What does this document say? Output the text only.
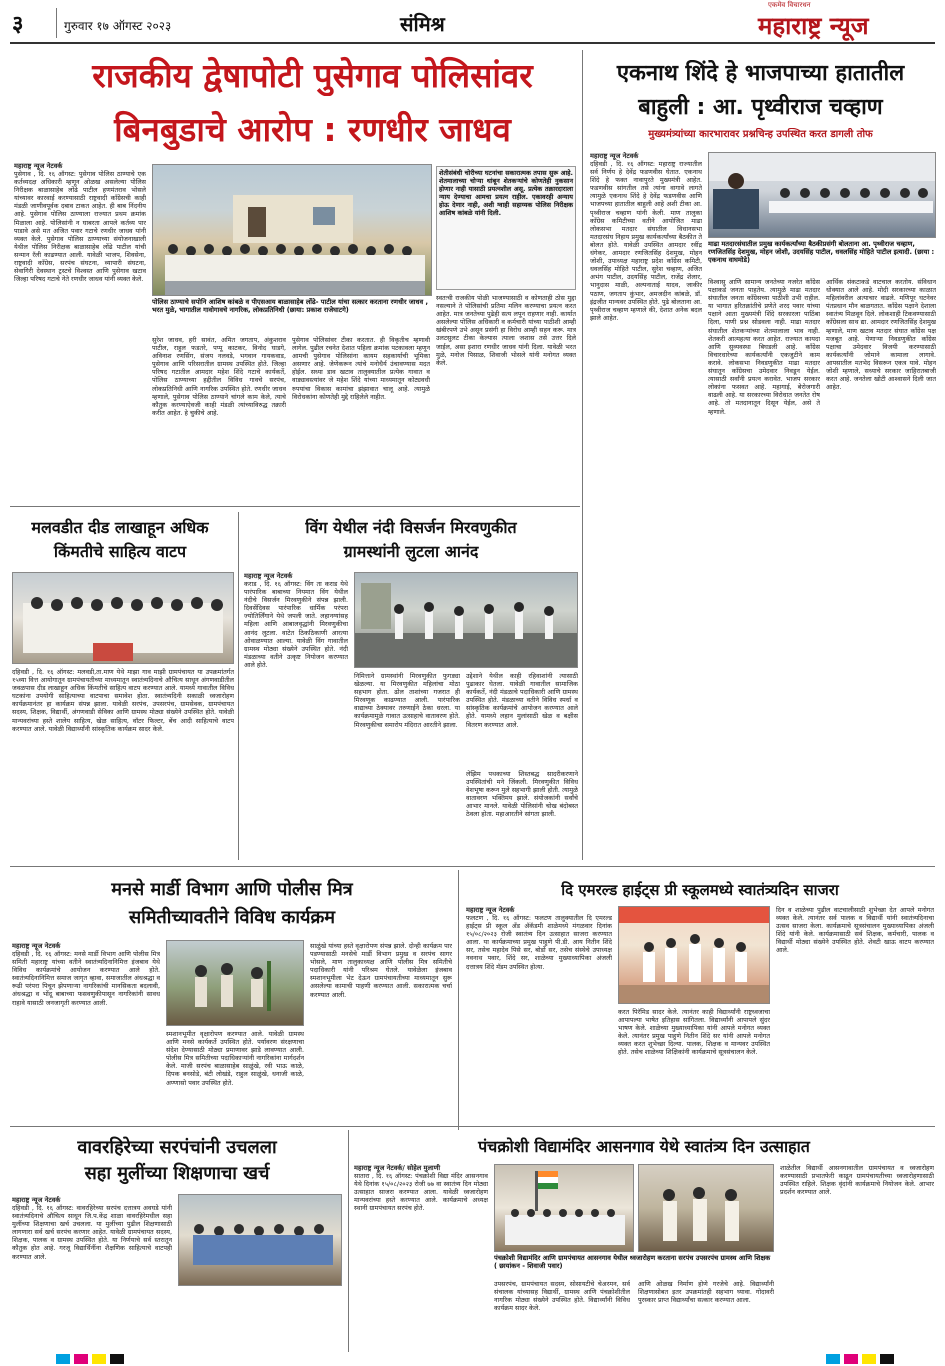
३	गुरुवार १७ ऑगस्ट २०२३	संमिश्र
एकमेव विचारधन
महाराष्ट्र न्यूज
राजकीय द्वेषापोटी पुसेगाव पोलिसांवर
बिनबुडाचे आरोप : रणधीर जाधव
महाराष्ट्र न्यूज नेटवर्क
पुसेगाव , दि. १६ ऑगस्ट: पुसेगाव पोलिस ठाण्याचे एक कर्तव्यदक्ष अधिकारी म्हणून ओळख असलेल्या पोलिस निरीक्षक बाळासाहेब लोंढे पाटील हणमंतराव भोसले यांच्यावर कारवाई करण्यासाठी राष्ट्रवादी काँग्रेसची काही मंडळी जाणीवपूर्वक दबाव टाकत आहेत. ही बाब निंदनीय आहे. पुसेगाव पोलिस ठाण्याला राज्यात प्रथम क्रमांक मिळाला आहे. पोलिसांनी न घाबरता आपले कर्तव्य पार पाडावे असे मत अजित पवार गटाचे रणधीर जाधव यांनी व्यक्त केले. पुसेगाव पोलिस ठाण्याच्या संयोजनाखाली येथील पोलिस निरीक्षक बाळासाहेब लोंढे पाटील यांची सन्मान रॅली काढण्यात आली. यावेळी भाजप, शिवसेना, राष्ट्रवादी काँग्रेस, सरपंच संघटना, व्यापारी संघटना, सेवागिरी देवस्थान ट्रस्टचे विश्वस्त आणि पुसेगाव खटाव जिल्हा परिषद गटाचे नेते रणधीर जाधव यांनी व्यक्त केले.
शेतीसंबंधी चोरीच्या घटनांचा सकारात्मक तपास सुरू आहे. शेतमालाच्या चोऱ्या थांबून शेतकऱ्यांचे कोणतेही नुकसान होणार नाही यासाठी प्रयत्नशील असू. प्रत्येक तक्रारदाराला न्याय देण्याचा आमचा प्रयत्न राहील. एकावरही अन्याय होऊ देणार नाही, अशी ग्वाही सहाय्यक पोलिस निरीक्षक आशिष कांबळे यांनी दिली.
पोलिस ठाण्याचे सपोनि आशिष कांबळे व पीएसआय बाळासाहेब लोंढे- पाटील यांचा सत्कार करताना रणधीर जाधव , भरत मुळे, भागातील गावोगावचे नागरिक, लोकप्रतिनिधी (छाया: प्रकाश राजेघाटगे)
सुरेश जाधव, हरी सावंत, अमित जगताप, अंकुशराव पाटील, राहुल फडतरे, पप्पू काटकर, विनोद घाडगे, अविनाश रणसिंग, संजय नलवडे, भगवान गायकवाड, पुसेगाव आणि परिसरातील ग्रामस्थ उपस्थित होते. जिल्हा परिषद गटातील आमदार महेश शिंदे गटाचे कार्यकर्ते, पोलिस ठाण्याच्या हद्दीतील विविध गावचे सरपंच, लोकप्रतिनिधी आणि नागरिक उपस्थित होते. रणधीर जाधव म्हणाले, पुसेगाव पोलिस ठाण्याने चांगले काम केले, त्याचे कौतुक करण्याऐवजी काही मंडळी त्यांच्याविरुद्ध तक्रारी करीत आहेत. हे चुकीचे आहे.
पुसेगाव पोलिसांवर टीका करतात. ही विकृतीच म्हणावी लागेल. पुढील रचनेत देशात पहिला क्रमांक पटकावला म्हणून आमची पुसेगाव पोलिसांना कायम सहकार्याची भूमिका असणार आहे. जेणेकरून त्यांचे मनोधैर्य उंचावण्यास मदत होईल. सध्या डाव खटाव तालुक्यातील प्रत्येक गावात व वाड्यावस्त्यांवर जे महेश शिंदे यांच्या माध्यमातून कोट्यवधी रुपयांचा विकास कामांचा झंझावात चालू आहे. त्यामुळे विरोधकांना कोणतेही मुद्दे राहिलेले नाहीत.
स्वतःची राजकीय पोळी भाजण्यासाठी व कोणताही ठोस मुद्दा नसल्याने ते पोलिसांची प्रतिमा मलिन करण्याचा प्रयत्न करत आहेत. मात्र जनतेच्या पुढेही सत्य लपून राहणार नाही. कार्यात असलेल्या पोलिस अधिकारी व कर्मचारी यांच्या पाठीशी आम्ही खंबीरपणे उभे असून प्रसंगी हा विरोध आम्ही सहन करू. मात्र उलटसुलट टीका केल्यास त्याला जशास तसे उत्तर दिले जाईल, असा इशारा रणधीर जाधव यांनी दिला. यावेळी भरत मुळे, मनोज पिसाळ, शिवाजी भोसले यांनी मनोगत व्यक्त केले.
एकनाथ शिंदे हे भाजपाच्या हातातील
बाहुली : आ. पृथ्वीराज चव्हाण
मुख्यमंत्र्यांच्या कारभारावर प्रश्नचिन्ह उपस्थित करत डागली तोफ
महाराष्ट्र न्यूज नेटवर्क
दहिवडी , दि. १६ ऑगस्ट: महाराष्ट्र राज्यातील सर्व निर्णय हे देवेंद्र फडणवीस घेतात. एकनाथ शिंदे हे फक्त नावापुरते मुख्यमंत्री आहेत. फडणवीस सांगतील तसे त्यांना वागावे लागते त्यामुळे एकनाथ शिंदे हे देवेंद्र फडणवीस आणि भाजपच्या हातातील बाहुली आहे अशी टीका आ. पृथ्वीराज चव्हाण यांनी केली. माण तालुका काँग्रेस कमिटीच्या वतीने आयोजित माढा लोकसभा मतदार संघातील विधानसभा मतदारसंघ निहाय प्रमुख कार्यकर्त्यांच्या बैठकीत ते बोलत होते. यावेळी उपस्थित आमदार रवींद्र धंगेकर, आमदार रणजितसिंह देशमुख, मोहन जोशी, उपाध्यक्ष महाराष्ट्र प्रदेश काँग्रेस कमिटी, धवलसिंह मोहिते पाटील, सुरेश चव्हाण, अजित अभंग पाटील, उदयसिंह पाटील, राजेंद्र शेलार, भानुदास माळी, अल्पनाताई यादव, जाकीर पठाण, जगताप कुंभार, अमजदीन कांबळे, डॉ. इंद्रजीत मान्यवर उपस्थित होते. पुढे बोलताना आ. पृथ्वीराज चव्हाण म्हणाले की, देशात अनेक बदल झाले आहेत.
माढा मतदारसंघातील प्रमुख कार्यकर्त्यांच्या बैठकीप्रसंगी बोलताना आ. पृथ्वीराज चव्हाण, रणजितसिंह देशमुख, मोहन जोशी, उदयसिंह पाटील, धवलसिंह मोहिते पाटील इत्यादी. (छाया : एकनाथ वाघमोडे)
विश्वासु आणि सामान्य जनतेच्या नजरेत काँग्रेस पक्षाकडे जनता पाहतेय. त्यामुळे माढा मतदार संघातील जनता काँग्रेसच्या पाठीशी उभी राहील. या भागात हरितक्रांतीचे प्रणेते शरद पवार यांच्या पक्षाने आता मुख्यमंत्री शिंदे सरकारला पाठिंबा दिला, पाणी प्रश्न सोडवला नाही. माढा मतदार संघातील शेतकऱ्यांच्या शेतमालाला भाव नाही. शेतकरी आत्महत्या करत आहेत. राज्यात कायदा आणि सुव्यवस्था बिघडली आहे. काँग्रेस विचारधारेच्या कार्यकर्त्यांनी एकजुटीने काम करावे. लोकसभा निवडणुकीत माढा मतदार संघातून काँग्रेसचा उमेदवार निवडून येईल. त्यासाठी सर्वांनी प्रयत्न करावेत. भाजप सरकार लोकांना फसवत आहे. महागाई, बेरोजगारी वाढली आहे. या सरकारच्या विरोधात जनतेत रोष आहे. तो मतदानातून दिसून येईल, असे ते म्हणाले.
आर्थिक संकटाकडे वाटचाल करतोय. संविधान धोक्यात आले आहे. मोदी सरकारच्या काळात महिलांवरील अत्याचार वाढले. मणिपूर घटनेवर पंतप्रधान मौन बाळगतात. काँग्रेस पक्षाने देशाला स्वातंत्र्य मिळवून दिले. लोकशाही टिकवण्यासाठी काँग्रेसला साथ द्या. आमदार रणजितसिंह देशमुख म्हणाले, माण खटाव मतदार संघात काँग्रेस पक्ष मजबूत आहे. येणाऱ्या निवडणुकीत काँग्रेस पक्षाचा उमेदवार विजयी करण्यासाठी कार्यकर्त्यांनी जोमाने कामाला लागावे. आपसातील मतभेद विसरून एकत्र यावे. मोहन जोशी म्हणाले, सध्याचे सरकार जाहिरातबाजी करत आहे. जनतेला खोटी आश्वासने दिली जात आहेत.
मलवडीत दीड लाखाहून अधिक
किंमतीचे साहित्य वाटप
दहिवडी , दि. १६ ऑगस्ट: मलवडी,ता.माण येथे माझा गाव माझी ग्रामपंचायत या उपक्रमांतर्गत १५व्या वित्त आयोगातून ग्रामपंचायतीच्या माध्यमातून स्वातंत्र्यदिनाचे औचित्य साधून अंगणवाडीतील जवळपास दीड लाखाहून अधिक किंमतीचे साहित्य वाटप करण्यात आले. यामध्ये गावातील विविध घटकांना उपयोगी साहित्याच्या वाटपाचा समावेश होता. स्वातंत्र्यदिनी सकाळी ध्वजारोहण कार्यक्रमानंतर हा कार्यक्रम संपन्न झाला. यावेळी सरपंच, उपसरपंच, ग्रामसेवक, ग्रामपंचायत सदस्य, शिक्षक, विद्यार्थी, अंगणवाडी सेविका आणि ग्रामस्थ मोठ्या संख्येने उपस्थित होते. यावेळी मान्यवरांच्या हस्ते शालेय साहित्य, खेळ साहित्य, वॉटर फिल्टर, बेंच आदी साहित्याचे वाटप करण्यात आले. यावेळी विद्यार्थ्यांनी सांस्कृतिक कार्यक्रम सादर केले.
विंग येथील नंदी विसर्जन मिरवणुकीत
ग्रामस्थांनी लुटला आनंद
महाराष्ट्र न्यूज नेटवर्क
कराड , दि. १६ ऑगस्ट: विंग ता कराड येथे पारंपारिक बाबाच्या नियमात विंग येथील नंदीचे विसर्जन मिरवणुकीने संपन्न झाली. दिवसेंदिवस पारंपारिक धार्मिक परंपरा ज्योतिर्लिंगाने येथे जपली जाते. लहानग्यांसह महिला आणि आबालवृद्धांनी मिरवणुकीचा आनंद लुटला. वाटेत ठिकठिकाणी आरत्या ओवाळण्यात आल्या. यावेळी विंग गावातील ग्रामस्थ मोठ्या संख्येने उपस्थित होते. नंदी मंडळाच्या वतीने उत्कृष्ट नियोजन करण्यात आले होते.
निमित्ताने ग्रामस्थांनी मिरवणुकीत फुगड्या खेळल्या. या मिरवणुकीत महिलांचा मोठा सहभाग होता. ढोल ताशांच्या गजरात ही मिरवणूक काढण्यात आली. पारंपारिक वाद्याच्या ठेक्यावर तरुणाईने ठेका धरला. या कार्यक्रमामुळे गावात उत्साहाचे वातावरण होते. मिरवणुकीचा समारोप मंदिरात आरतीने झाला.
उद्देशाने येथील काही रहिवाशांनी त्यासाठी पुढाकार घेतला. यावेळी गावातील सामाजिक कार्यकर्ते, नंदी मंडळाचे पदाधिकारी आणि ग्रामस्थ उपस्थित होते. मंडळाच्या वतीने विविध स्पर्धा व सांस्कृतिक कार्यक्रमांचे आयोजन करण्यात आले होते. यामध्ये लहान मुलांसाठी खेळ व बक्षीस वितरण करण्यात आले.
लेझिम पथकाच्या शिस्तबद्ध सादरीकरणाने उपस्थितांची मने जिंकली. मिरवणुकीत विविध वेशभूषा करून मुले सहभागी झाली होती. त्यामुळे वातावरण भक्तिमय झाले. संयोजकांनी सर्वांचे आभार मानले. यावेळी पोलिसांनी चोख बंदोबस्त ठेवला होता. महाआरतीने सांगता झाली.
मनसे मार्डी विभाग आणि पोलीस मित्र
समितीच्यावतीने विविध कार्यक्रम
महाराष्ट्र न्यूज नेटवर्क
दहिवडी , दि. १६ ऑगस्ट: मनसे मार्डी विभाग आणि पोलीस मित्र समिती महाराष्ट्र यांच्या वतीने स्वातंत्र्यदिनानिमित्त इंजबाव येथे विविध कार्यक्रमांचे आयोजन करण्यात आले होते. स्वातंत्र्यदिनानिमित्त समाज जागृत व्हावा, समाजातील अंधश्रद्धा व रूढी परंपरा पिचून झेपणाऱ्या नागरिकांची मानसिकता बदलावी, अंधश्रद्धा व भोंदू बाबाच्या फसवणुकीपासून नागरिकांनी सावध राहावे यासाठी जनजागृती करण्यात आली.
स्मशानभूमीत वृक्षारोपण करण्यात आले. यावेळी ग्रामस्थ आणि मनसे कार्यकर्ते उपस्थित होते. पर्यावरण संरक्षणाचा संदेश देण्यासाठी मोठ्या प्रमाणावर झाडे लावण्यात आली. पोलीस मित्र समितीच्या पदाधिकाऱ्यांनी नागरिकांना मार्गदर्शन केले. माजी सरपंच बाळासाहेब साळुंखे, रवी भाऊ काळे, दिपक बनसोडे, बंटी लोखंडे, राहुल साळुंखे, धनाजी काळे, अण्णासो पवार उपस्थित होते.
साळुंखे यांच्या हस्ते वृक्षारोपण संपन्न झाले. दोन्ही कार्यक्रम पार पडण्यासाठी मनसेचे मार्डी विभाग प्रमुख व सरपंच सागर भोसले, माण तालुकाध्यक्ष आणि पोलीस मित्र समितीचे पदाधिकारी यांनी परिश्रम घेतले. यावेळेला इंजबाव स्मशानभूमीला भेट देऊन ग्रामपंचायतीच्या माध्यमातून सुरू असलेल्या कामाची पाहणी करण्यात आली. सकारात्मक चर्चा करण्यात आली.
दि एमरल्ड हाईट्स प्री स्कूलमध्ये स्वातंत्र्यदिन साजरा
महाराष्ट्र न्यूज नेटवर्क
फलटण , दि. १६ ऑगस्ट: फलटण तालुक्यातील दि एमरल्ड हाईट्स प्री स्कूल अँड ॲकॅडमी शाळेमध्ये मंगळवार दिनांक १५/०८/२०२३ रोजी स्वातंत्र्य दिन उत्साहात साजरा करण्यात आला. या कार्यक्रमाच्या प्रमुख पाहुणे पी.डी. आय नितीन शिंदे सर, तसेच महादेव पिसे सर, बोर्डो सर, तसेच संस्थेचे उपाध्यक्ष नवनाथ पवार, शिंदे सर, शाळेच्या मुख्याध्यापिका अंजली दत्तात्रय शिंदे मॅडम उपस्थित होत्या.
करत पिरॅमिड सादर केले. त्यानंतर काही विद्यार्थ्यांनी राष्ट्रध्वजाचा आपापल्या भाषेत इतिहास सांगितला. विद्यार्थ्यांनी आपापले सुंदर भाषण केले. शाळेच्या मुख्याध्यापिका यांनी आपले मनोगत व्यक्त केले. त्यानंतर प्रमुख पाहुणे नितीन शिंदे सर यांनी आपले मनोगत व्यक्त करत शुभेच्छा दिल्या. पालक, शिक्षक व मान्यवर उपस्थित होते. तसेच शाळेच्या शिक्षिकांनी कार्यक्रमाचे सूत्रसंचालन केले.
दिन व शाळेच्या पुढील वाटचालीसाठी शुभेच्छा देत आपले मनोगत व्यक्त केले. त्यानंतर सर्व पालक व विद्यार्थी यांनी स्वातंत्र्यदिनाचा उत्सव साजरा केला. कार्यक्रमाचे सूत्रसंचालन मुख्याध्यापिका अंजली शिंदे यांनी केले. कार्यक्रमासाठी सर्व शिक्षक, कर्मचारी, पालक व विद्यार्थी मोठ्या संख्येने उपस्थित होते. शेवटी खाऊ वाटप करण्यात आले.
वावरहिरेच्या सरपंचांनी उचलला
सहा मुलींच्या शिक्षणाचा खर्च
महाराष्ट्र न्यूज नेटवर्क
दहिवडी , दि. १६ ऑगस्ट: वावरहिरेच्या सरपंच दत्तात्रय अवघडे यांनी स्वातंत्र्यदिनाचे औचित्य साधून जि.प.केंद्र शाळा वावरहिरेमधील सहा मुलींच्या शिक्षणाचा खर्च उचलला. या मुलींच्या पुढील शिक्षणासाठी लागणारा सर्व खर्च सरपंच करणार आहेत. यावेळी ग्रामपंचायत सदस्य, शिक्षक, पालक व ग्रामस्थ उपस्थित होते. या निर्णयाचे सर्व स्तरातून कौतुक होत आहे. गरजू विद्यार्थिनींना शैक्षणिक साहित्याचे वाटपही करण्यात आले.
पंचक्रोशी विद्यामंदिर आसनगाव येथे स्वातंत्र्य दिन उत्साहात
महाराष्ट्र न्यूज नेटवर्क/ सोहेल मुलाणी
सातारा , दि. १६ ऑगस्ट: पंचक्रोशी विद्या मंदिर आसनगाव येथे दिनांक १५/०८/२०२३ रोजी ७७ वा स्वातंत्र्य दिन मोठ्या उत्साहात साजरा करण्यात आला. यावेळी ध्वजारोहण मान्यवरांच्या हस्ते करण्यात आले. कार्यक्रमाचे अध्यक्ष स्थानी ग्रामपंचायत सरपंच होते.
पंचक्रोशी विद्यामंदिर आणि ग्रामपंचायत आसनगाव येथील ध्वजारोहण करताना सरपंच उपसरपंच ग्रामस्थ आणि शिक्षक ( छायांकन - शिवाजी पवार)
उपसरपंच, ग्रामपंचायत सदस्य, सोसायटीचे चेअरमन, सर्व संचालक यांच्यासह विद्यार्थी, ग्रामस्थ आणि पंचक्रोशीतील नागरिक मोठ्या संख्येने उपस्थित होते. विद्यार्थ्यांनी विविध कार्यक्रम सादर केले.
आणि ओळख निर्माण होणे गरजेचे आहे. विद्यार्थ्यांनी शिक्षणासोबत इतर उपक्रमांतही सहभाग घ्यावा. गोदावरी पुरस्कार प्राप्त विद्यार्थ्यांचा सत्कार करण्यात आला.
शाळेतील विद्यार्थी आसनगावातील ग्रामपंचायत व ध्वजारोहण करण्यासाठी प्रभातफेरी काढून ग्रामपंचायतीच्या ध्वजारोहणासाठी उपस्थित राहिले. शिक्षक वृंदांनी कार्यक्रमाचे नियोजन केले. आभार प्रदर्शन करण्यात आले.
